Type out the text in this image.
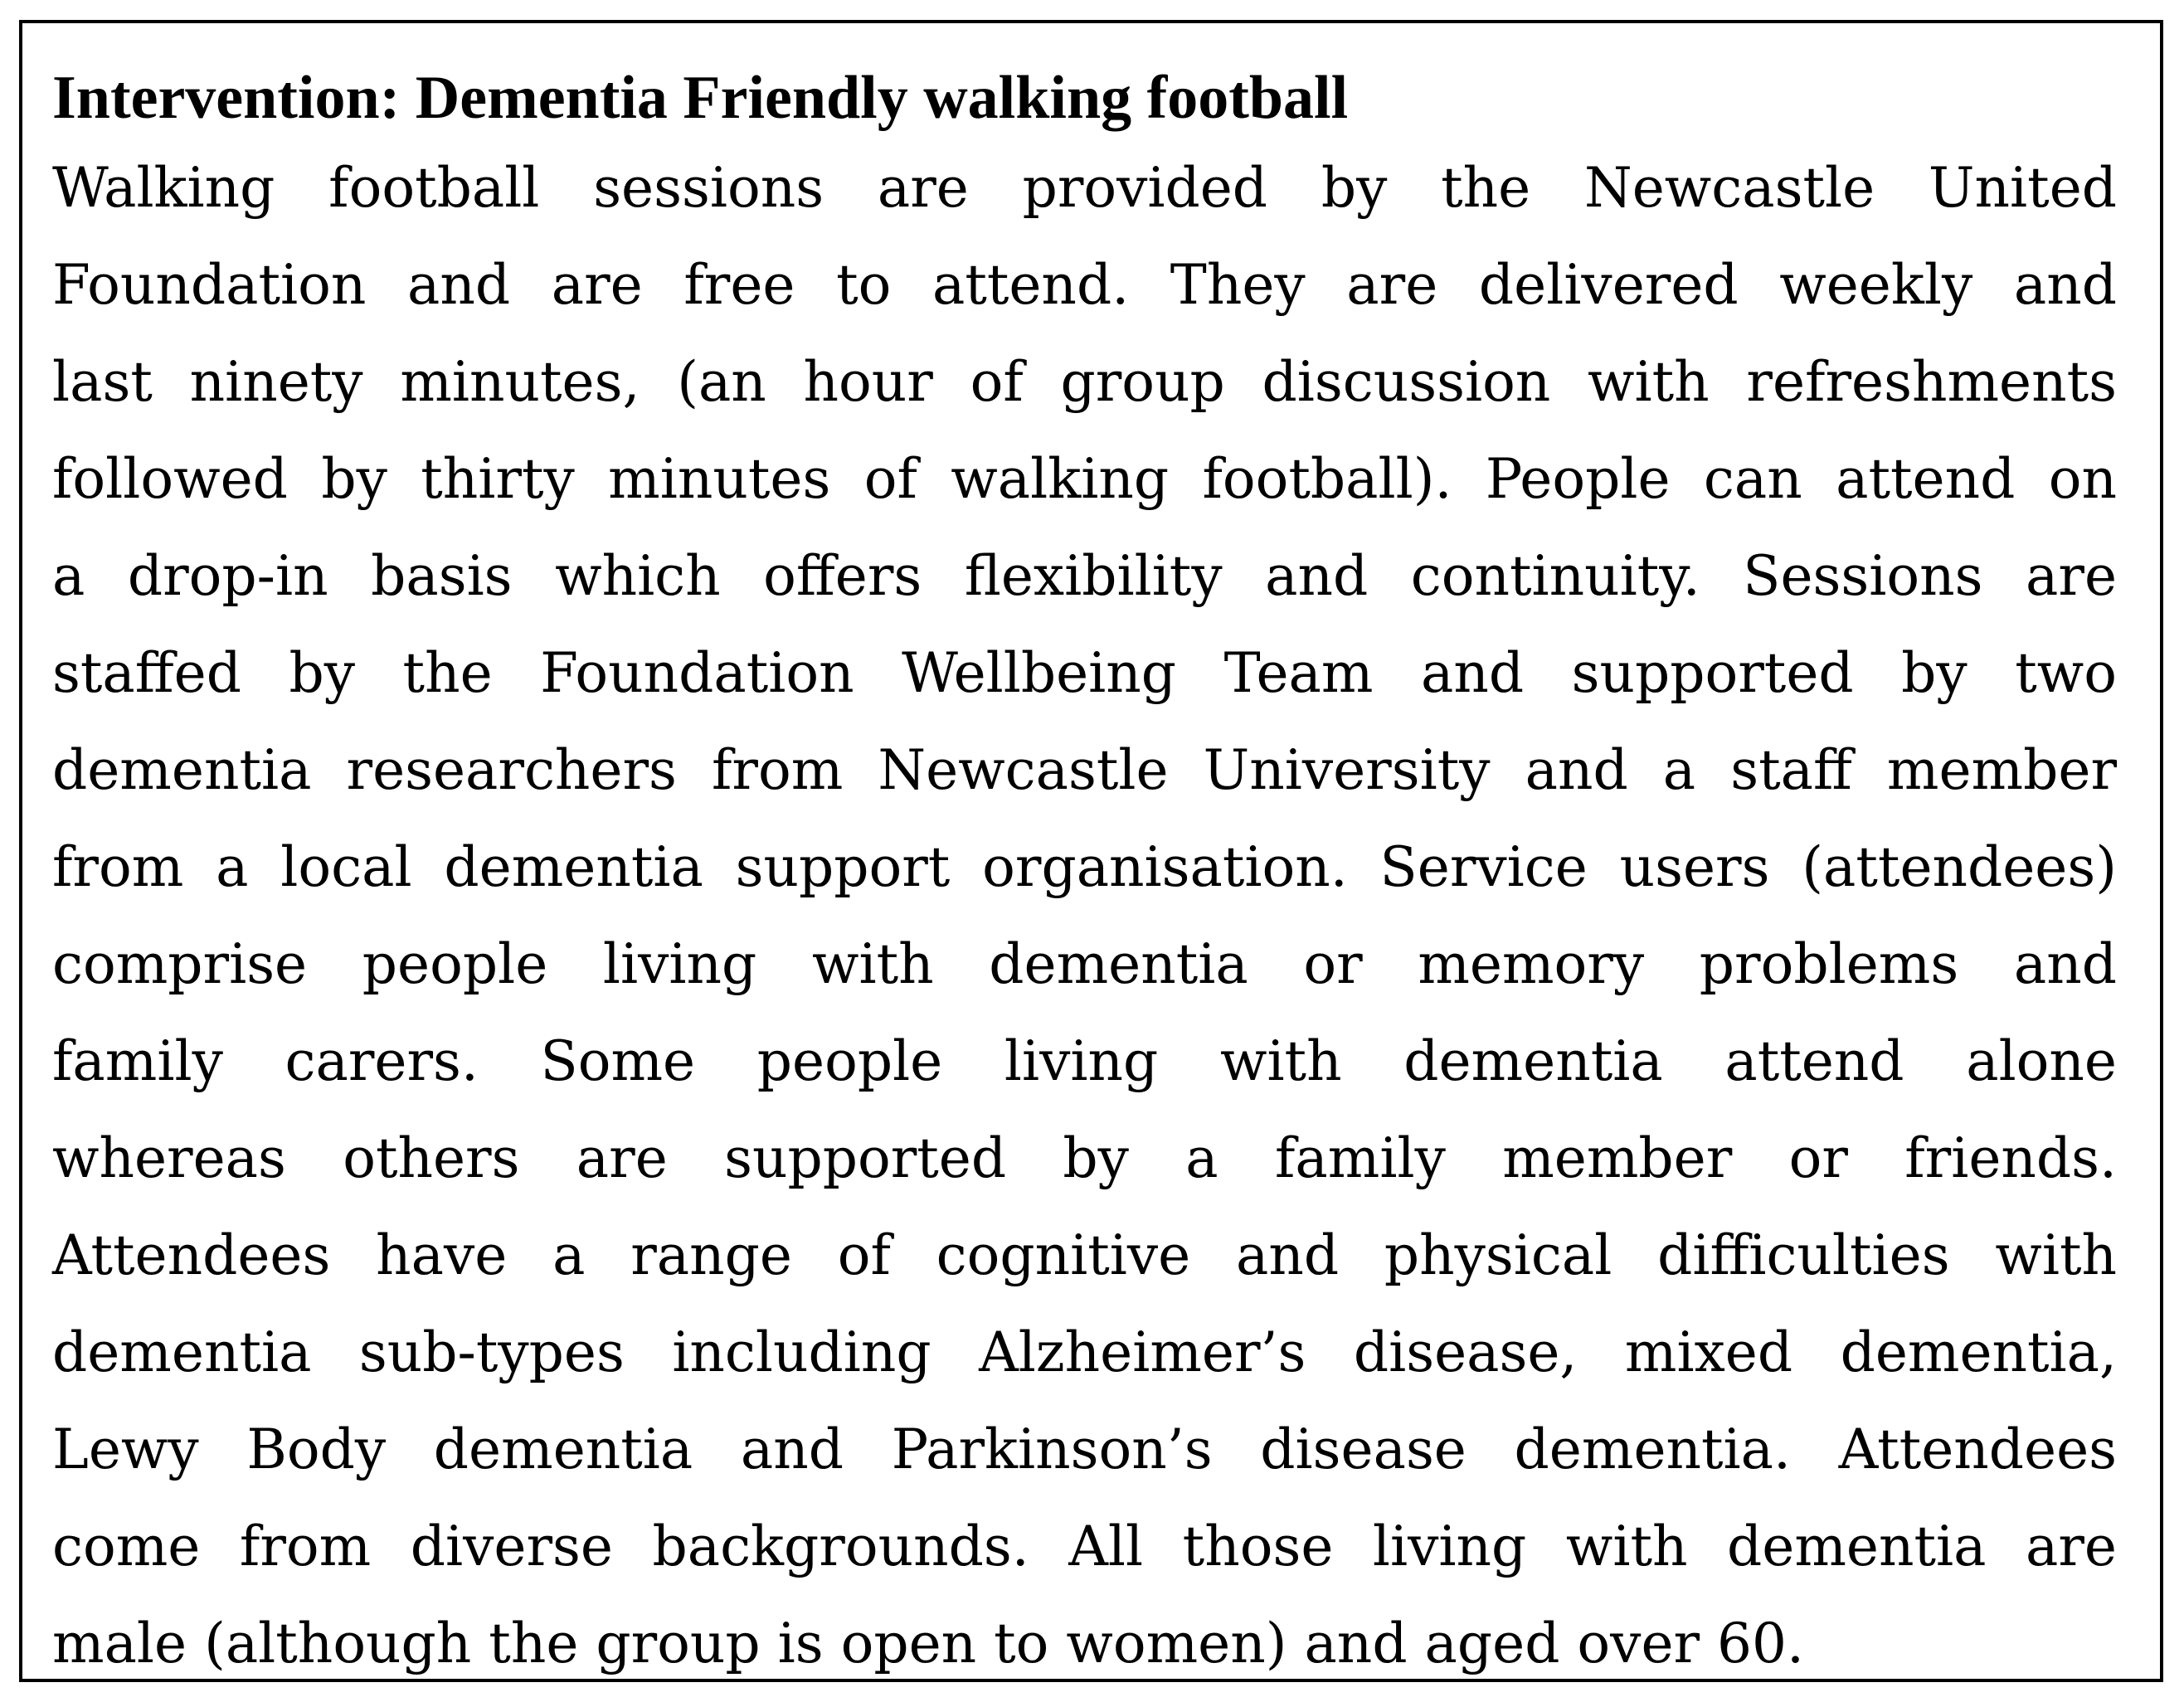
Intervention: Dementia Friendly walking football
Walking football sessions are provided by the Newcastle United
Foundation and are free to attend. They are delivered weekly and
last ninety minutes, (an hour of group discussion with refreshments
followed by thirty minutes of walking football). People can attend on
a drop-in basis which offers flexibility and continuity. Sessions are
staffed by the Foundation Wellbeing Team and supported by two
dementia researchers from Newcastle University and a staff member
from a local dementia support organisation. Service users (attendees)
comprise people living with dementia or memory problems and
family carers. Some people living with dementia attend alone
whereas others are supported by a family member or friends.
Attendees have a range of cognitive and physical difficulties with
dementia sub-types including Alzheimer’s disease, mixed dementia,
Lewy Body dementia and Parkinson’s disease dementia. Attendees
come from diverse backgrounds. All those living with dementia are
male (although the group is open to women) and aged over 60.
